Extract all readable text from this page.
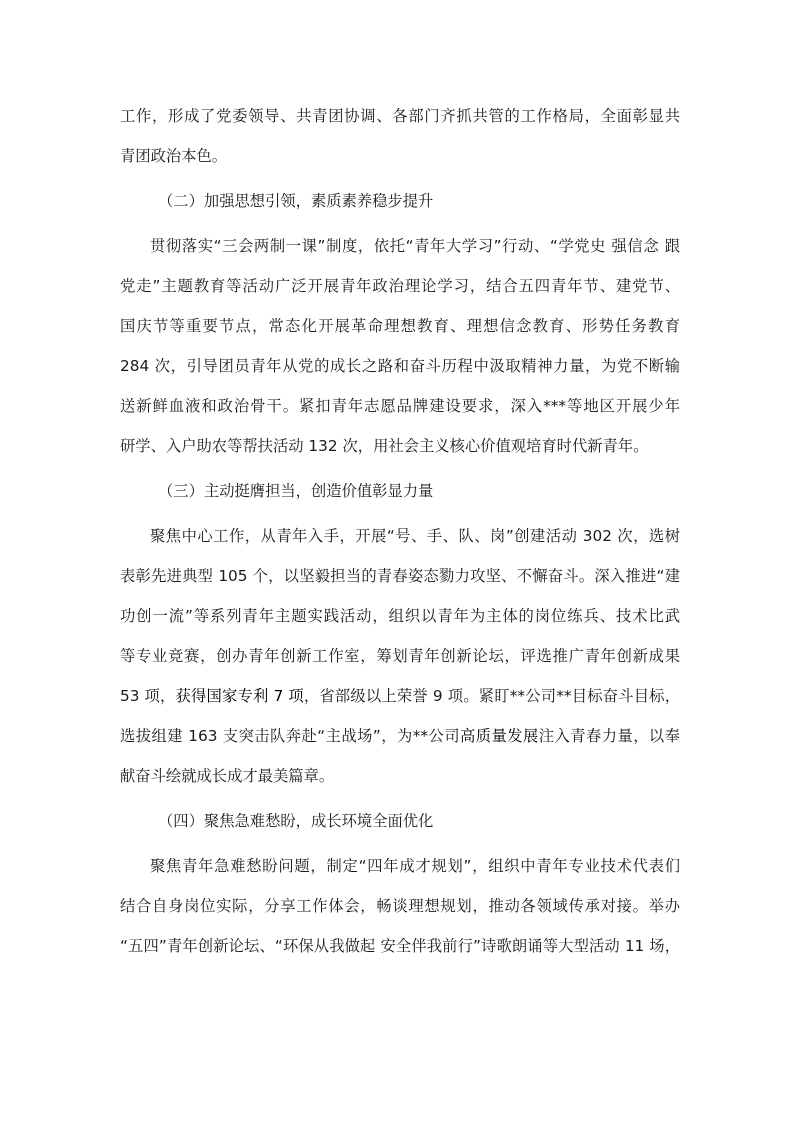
工作，形成了党委领导、共青团协调、各部门齐抓共管的工作格局，全面彰显共
青团政治本色。
（二）加强思想引领，素质素养稳步提升
贯彻落实“三会两制一课”制度，依托“青年大学习”行动、“学党史 强信念 跟
党走”主题教育等活动广泛开展青年政治理论学习，结合五四青年节、建党节、
国庆节等重要节点，常态化开展革命理想教育、理想信念教育、形势任务教育
284 次，引导团员青年从党的成长之路和奋斗历程中汲取精神力量，为党不断输
送新鲜血液和政治骨干。紧扣青年志愿品牌建设要求，深入***等地区开展少年
研学、入户助农等帮扶活动 132 次，用社会主义核心价值观培育时代新青年。
（三）主动挺膺担当，创造价值彰显力量
聚焦中心工作，从青年入手，开展“号、手、队、岗”创建活动 302 次，选树
表彰先进典型 105 个，以坚毅担当的青春姿态勠力攻坚、不懈奋斗。深入推进“建
功创一流”等系列青年主题实践活动，组织以青年为主体的岗位练兵、技术比武
等专业竞赛，创办青年创新工作室，筹划青年创新论坛，评选推广青年创新成果
53 项，获得国家专利 7 项，省部级以上荣誉 9 项。紧盯**公司**目标奋斗目标，
选拔组建 163 支突击队奔赴“主战场”，为**公司高质量发展注入青春力量，以奉
献奋斗绘就成长成才最美篇章。
（四）聚焦急难愁盼，成长环境全面优化
聚焦青年急难愁盼问题，制定“四年成才规划”，组织中青年专业技术代表们
结合自身岗位实际，分享工作体会，畅谈理想规划，推动各领域传承对接。举办
“五四”青年创新论坛、“环保从我做起 安全伴我前行”诗歌朗诵等大型活动 11 场，
